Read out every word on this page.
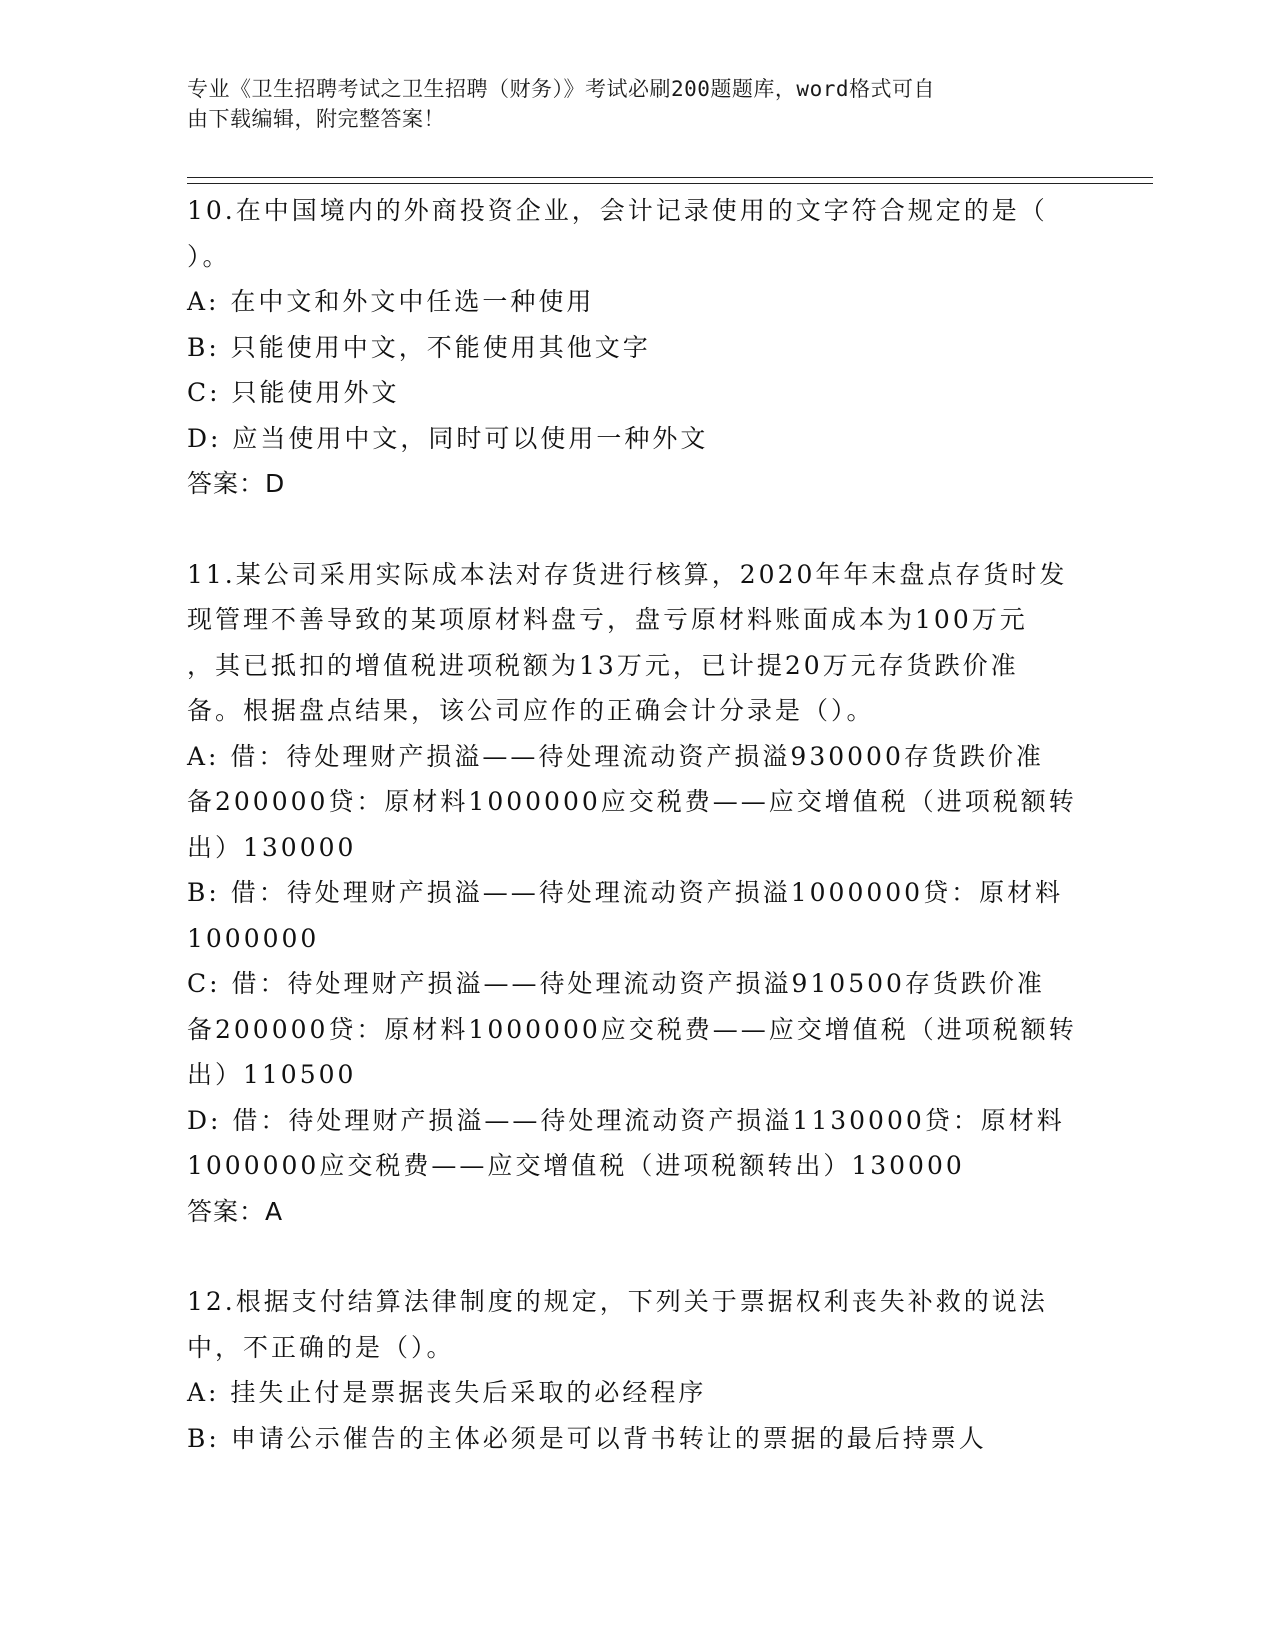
专业《卫生招聘考试之卫生招聘（财务）》考试必刷200题题库，word格式可自
由下载编辑，附完整答案！
10.在中国境内的外商投资企业，会计记录使用的文字符合规定的是（
）。
A: 在中文和外文中任选一种使用
B: 只能使用中文，不能使用其他文字
C: 只能使用外文
D: 应当使用中文，同时可以使用一种外文
答案：D
11.某公司采用实际成本法对存货进行核算，2020年年末盘点存货时发
现管理不善导致的某项原材料盘亏，盘亏原材料账面成本为100万元
，其已抵扣的增值税进项税额为13万元，已计提20万元存货跌价准
备。根据盘点结果，该公司应作的正确会计分录是（）。
A: 借：待处理财产损溢——待处理流动资产损溢930000存货跌价准
备200000贷：原材料1000000应交税费——应交增值税（进项税额转
出）130000
B: 借：待处理财产损溢——待处理流动资产损溢1000000贷：原材料
1000000
C: 借：待处理财产损溢——待处理流动资产损溢910500存货跌价准
备200000贷：原材料1000000应交税费——应交增值税（进项税额转
出）110500
D: 借：待处理财产损溢——待处理流动资产损溢1130000贷：原材料
1000000应交税费——应交增值税（进项税额转出）130000
答案：A
12.根据支付结算法律制度的规定，下列关于票据权利丧失补救的说法
中，不正确的是（）。
A: 挂失止付是票据丧失后采取的必经程序
B: 申请公示催告的主体必须是可以背书转让的票据的最后持票人
